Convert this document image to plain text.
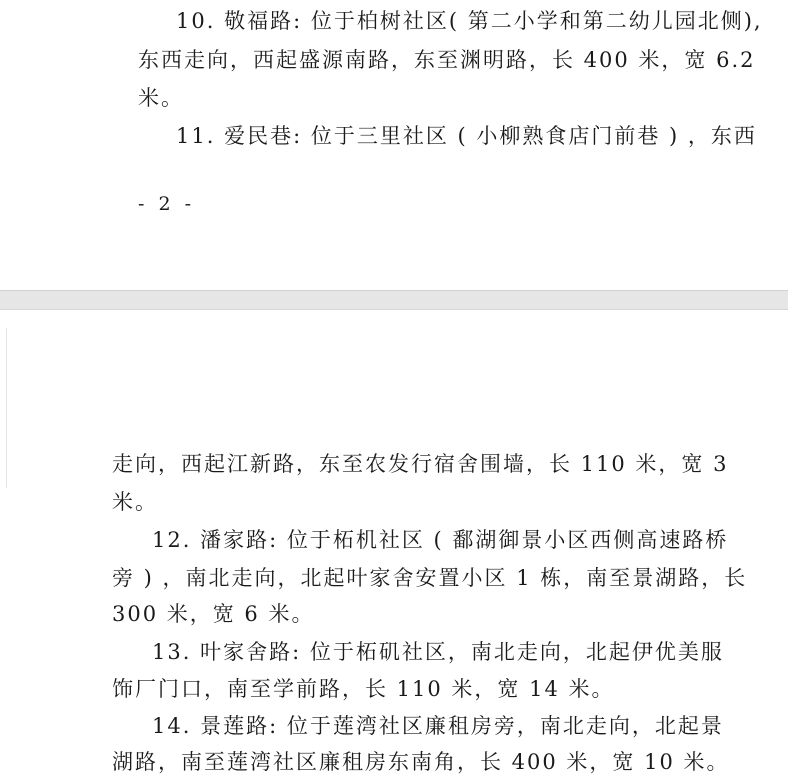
10. 敬福路: 位于柏树社区( 第二小学和第二幼儿园北侧),
东西走向，西起盛源南路，东至渊明路，长 400 米，宽 6.2
米。
11. 爱民巷: 位于三里社区 ( 小柳熟食店门前巷 ) ，东西
- 2 -
走向，西起江新路，东至农发行宿舍围墙，长 110 米，宽 3
米。
12. 潘家路: 位于柘机社区 ( 鄱湖御景小区西侧高速路桥
旁 ) ，南北走向，北起叶家舍安置小区 1 栋，南至景湖路，长
300 米，宽 6 米。
13. 叶家舍路: 位于柘矶社区，南北走向，北起伊优美服
饰厂门口，南至学前路，长 110 米，宽 14 米。
14. 景莲路: 位于莲湾社区廉租房旁，南北走向，北起景
湖路，南至莲湾社区廉租房东南角，长 400 米，宽 10 米。
